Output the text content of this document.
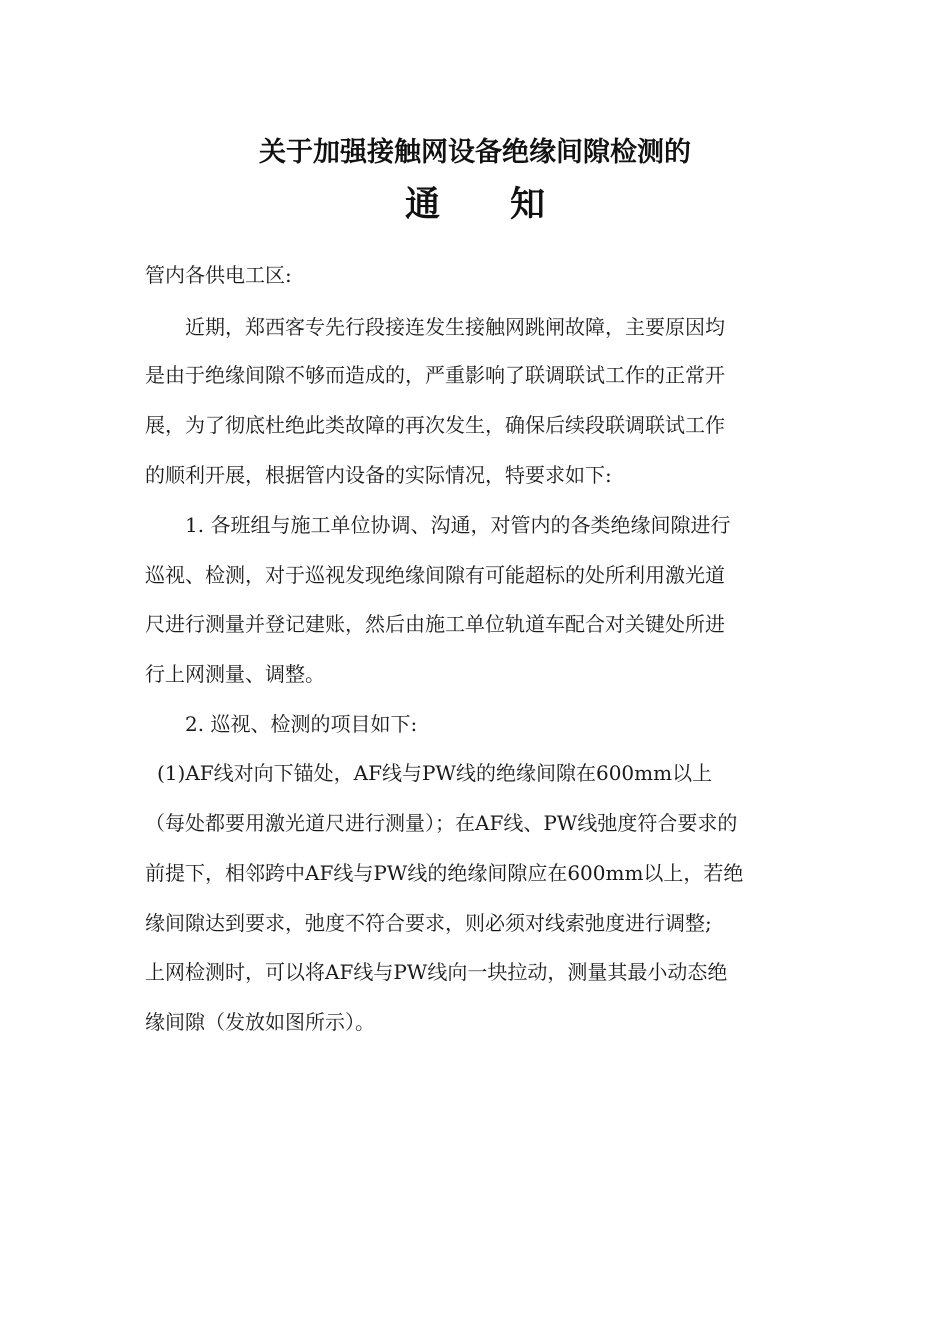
关于加强接触网设备绝缘间隙检测的
通 知
管内各供电工区:
近期，郑西客专先行段接连发生接触网跳闸故障，主要原因均
是由于绝缘间隙不够而造成的，严重影响了联调联试工作的正常开
展，为了彻底杜绝此类故障的再次发生，确保后续段联调联试工作
的顺利开展，根据管内设备的实际情况，特要求如下:
1. 各班组与施工单位协调、沟通，对管内的各类绝缘间隙进行
巡视、检测，对于巡视发现绝缘间隙有可能超标的处所利用激光道
尺进行测量并登记建账，然后由施工单位轨道车配合对关键处所进
行上网测量、调整。
2. 巡视、检测的项目如下:
(1)AF线对向下锚处，AF线与PW线的绝缘间隙在600mm以上
（每处都要用激光道尺进行测量）；在AF线、PW线弛度符合要求的
前提下，相邻跨中AF线与PW线的绝缘间隙应在600mm以上，若绝
缘间隙达到要求，弛度不符合要求，则必须对线索弛度进行调整;
上网检测时，可以将AF线与PW线向一块拉动，测量其最小动态绝
缘间隙（发放如图所示）。
